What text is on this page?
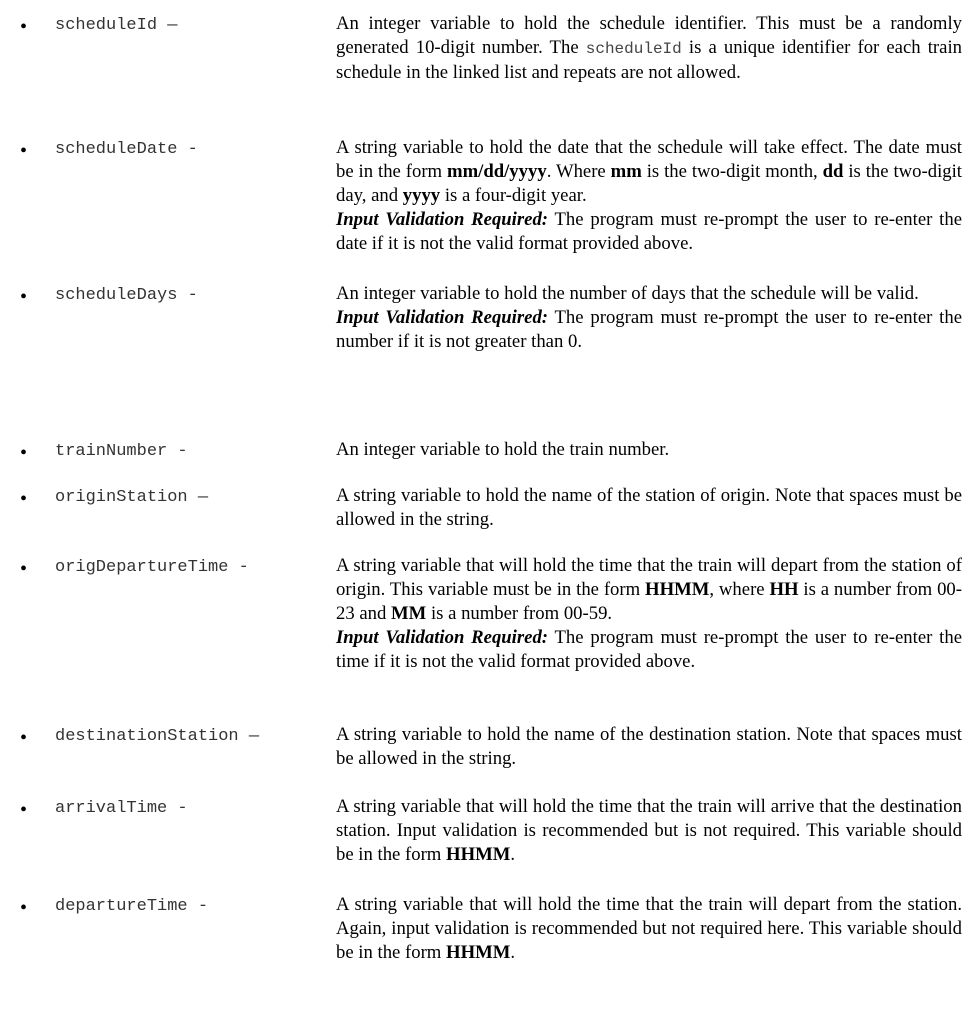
• scheduleId —	An integer variable to hold the schedule identifier. This must be a randomly generated 10-digit number. The scheduleId is a unique identifier for each train schedule in the linked list and repeats are not allowed.

• scheduleDate -	A string variable to hold the date that the schedule will take effect. The date must be in the form mm/dd/yyyy. Where mm is the two-digit month, dd is the two-digit day, and yyyy is a four-digit year.

Input Validation Required: The program must re-prompt the user to re-enter the date if it is not the valid format provided above.

• scheduleDays -	An integer variable to hold the number of days that the schedule will be valid.

Input Validation Required: The program must re-prompt the user to re-enter the number if it is not greater than 0.

• trainNumber -	An integer variable to hold the train number.

• originStation —	A string variable to hold the name of the station of origin. Note that spaces must be allowed in the string.

• origDepartureTime -	A string variable that will hold the time that the train will depart from the station of origin. This variable must be in the form HHMM, where HH is a number from 00-23 and MM is a number from 00-59.

Input Validation Required: The program must re-prompt the user to re-enter the time if it is not the valid format provided above.

• destinationStation —	A string variable to hold the name of the destination station. Note that spaces must be allowed in the string.

• arrivalTime -	A string variable that will hold the time that the train will arrive that the destination station. Input validation is recommended but is not required. This variable should be in the form HHMM.

• departureTime -	A string variable that will hold the time that the train will depart from the station. Again, input validation is recommended but not required here. This variable should be in the form HHMM.
